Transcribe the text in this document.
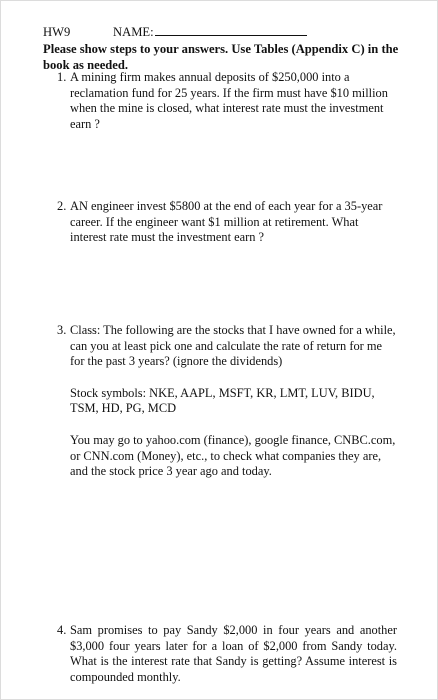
HW9	NAME:
Please show steps to your answers. Use Tables (Appendix C) in the book as needed.
1. A mining firm makes annual deposits of $250,000 into a reclamation fund for 25 years. If the firm must have $10 million when the mine is closed, what interest rate must the investment earn ?

2. AN engineer invest $5800 at the end of each year for a 35-year career. If the engineer want $1 million at retirement. What interest rate must the investment earn ?

3. Class: The following are the stocks that I have owned for a while, can you at least pick one and calculate the rate of return for me for the past 3 years? (ignore the dividends)

Stock symbols: NKE, AAPL, MSFT, KR, LMT, LUV, BIDU, TSM, HD, PG, MCD

You may go to yahoo.com (finance), google finance, CNBC.com, or CNN.com (Money), etc., to check what companies they are, and the stock price 3 year ago and today.

4. Sam promises to pay Sandy $2,000 in four years and another $3,000 four years later for a loan of $2,000 from Sandy today. What is the interest rate that Sandy is getting? Assume interest is compounded monthly.
